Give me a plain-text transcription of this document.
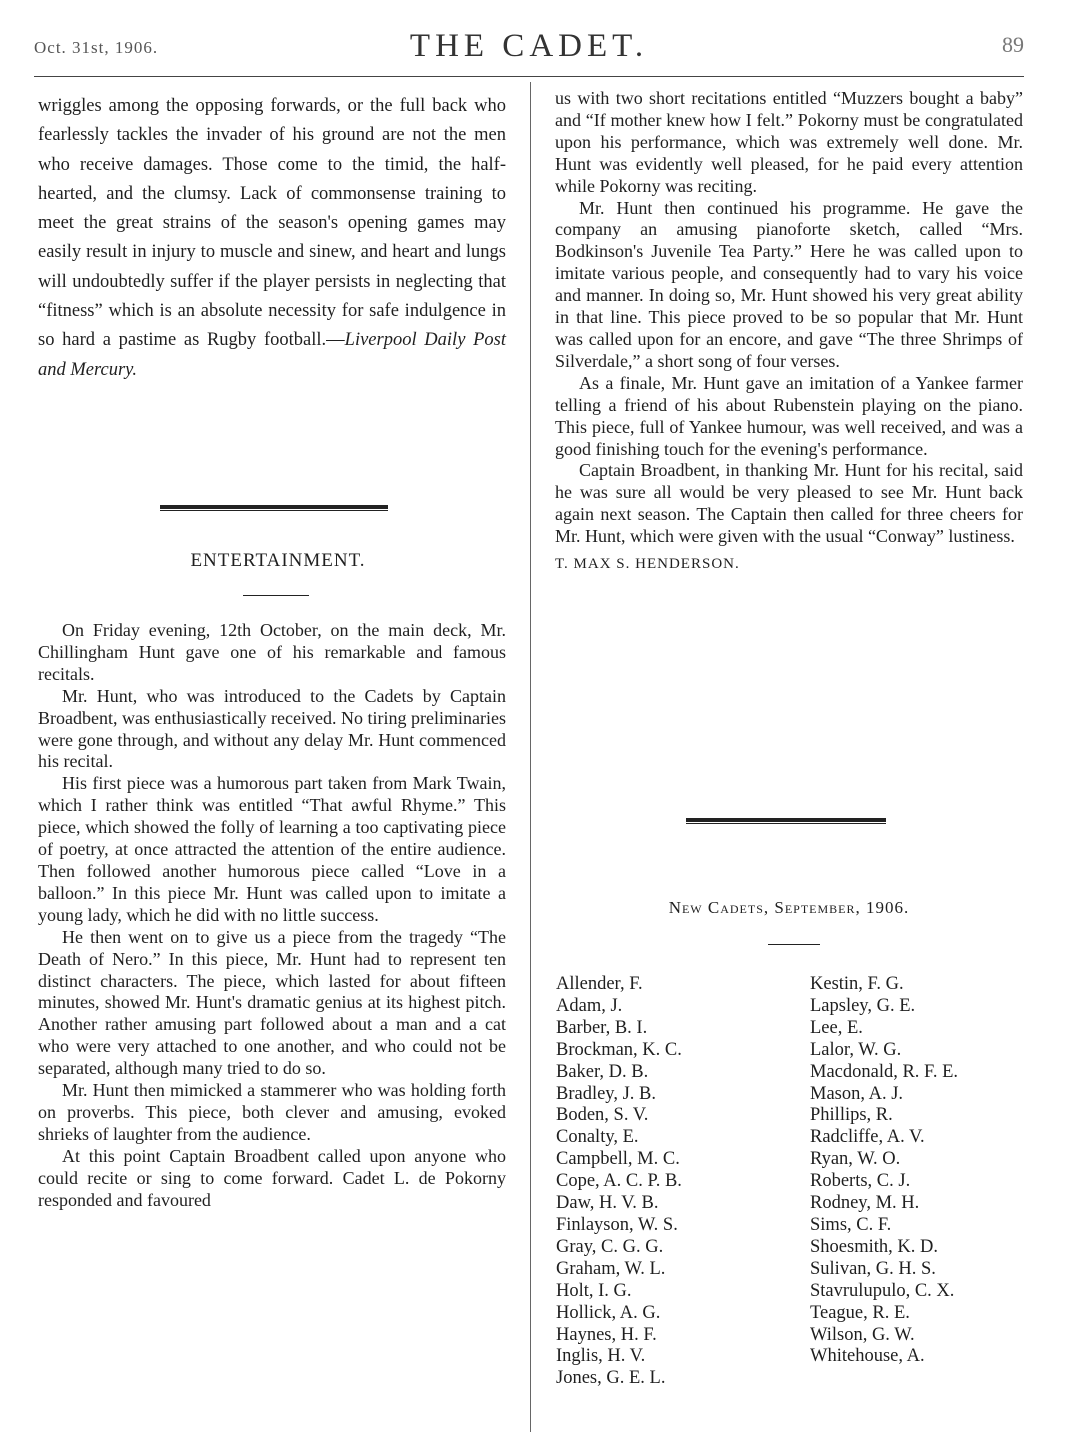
Oct. 31st, 1906.	THE CADET.	89

wriggles among the opposing forwards, or the full back who fearlessly tackles the invader of his ground are not the men who receive damages. Those come to the timid, the half-hearted, and the clumsy. Lack of commonsense training to meet the great strains of the season's opening games may easily result in injury to muscle and sinew, and heart and lungs will undoubtedly suffer if the player persists in neglecting that “fitness” which is an absolute necessity for safe indulgence in so hard a pastime as Rugby football.—Liverpool Daily Post and Mercury.

ENTERTAINMENT.

On Friday evening, 12th October, on the main deck, Mr. Chillingham Hunt gave one of his remarkable and famous recitals.

Mr. Hunt, who was introduced to the Cadets by Captain Broadbent, was enthusiastically received. No tiring preliminaries were gone through, and without any delay Mr. Hunt commenced his recital.

His first piece was a humorous part taken from Mark Twain, which I rather think was entitled “That awful Rhyme.” This piece, which showed the folly of learning a too captivating piece of poetry, at once attracted the attention of the entire audience. Then followed another humorous piece called “Love in a balloon.” In this piece Mr. Hunt was called upon to imitate a young lady, which he did with no little success.

He then went on to give us a piece from the tragedy “The Death of Nero.” In this piece, Mr. Hunt had to represent ten distinct characters. The piece, which lasted for about fifteen minutes, showed Mr. Hunt's dramatic genius at its highest pitch. Another rather amusing part followed about a man and a cat who were very attached to one another, and who could not be separated, although many tried to do so.

Mr. Hunt then mimicked a stammerer who was holding forth on proverbs. This piece, both clever and amusing, evoked shrieks of laughter from the audience.

At this point Captain Broadbent called upon anyone who could recite or sing to come forward. Cadet L. de Pokorny responded and favoured

us with two short recitations entitled “Muzzers bought a baby” and “If mother knew how I felt.” Pokorny must be congratulated upon his performance, which was extremely well done. Mr. Hunt was evidently well pleased, for he paid every attention while Pokorny was reciting.

Mr. Hunt then continued his programme. He gave the company an amusing pianoforte sketch, called “Mrs. Bodkinson's Juvenile Tea Party.” Here he was called upon to imitate various people, and consequently had to vary his voice and manner. In doing so, Mr. Hunt showed his very great ability in that line. This piece proved to be so popular that Mr. Hunt was called upon for an encore, and gave “The three Shrimps of Silverdale,” a short song of four verses.

As a finale, Mr. Hunt gave an imitation of a Yankee farmer telling a friend of his about Rubenstein playing on the piano. This piece, full of Yankee humour, was well received, and was a good finishing touch for the evening's performance.

Captain Broadbent, in thanking Mr. Hunt for his recital, said he was sure all would be very pleased to see Mr. Hunt back again next season. The Captain then called for three cheers for Mr. Hunt, which were given with the usual “Conway” lustiness.

T. MAX S. HENDERSON.

New Cadets, September, 1906.
Allender, F.
Adam, J.
Barber, B. I.
Brockman, K. C.
Baker, D. B.
Bradley, J. B.
Boden, S. V.
Conalty, E.
Campbell, M. C.
Cope, A. C. P. B.
Daw, H. V. B.
Finlayson, W. S.
Gray, C. G. G.
Graham, W. L.
Holt, I. G.
Hollick, A. G.
Haynes, H. F.
Inglis, H. V.
Jones, G. E. L.
Kestin, F. G.
Lapsley, G. E.
Lee, E.
Lalor, W. G.
Macdonald, R. F. E.
Mason, A. J.
Phillips, R.
Radcliffe, A. V.
Ryan, W. O.
Roberts, C. J.
Rodney, M. H.
Sims, C. F.
Shoesmith, K. D.
Sulivan, G. H. S.
Stavrulupulo, C. X.
Teague, R. E.
Wilson, G. W.
Whitehouse, A.
